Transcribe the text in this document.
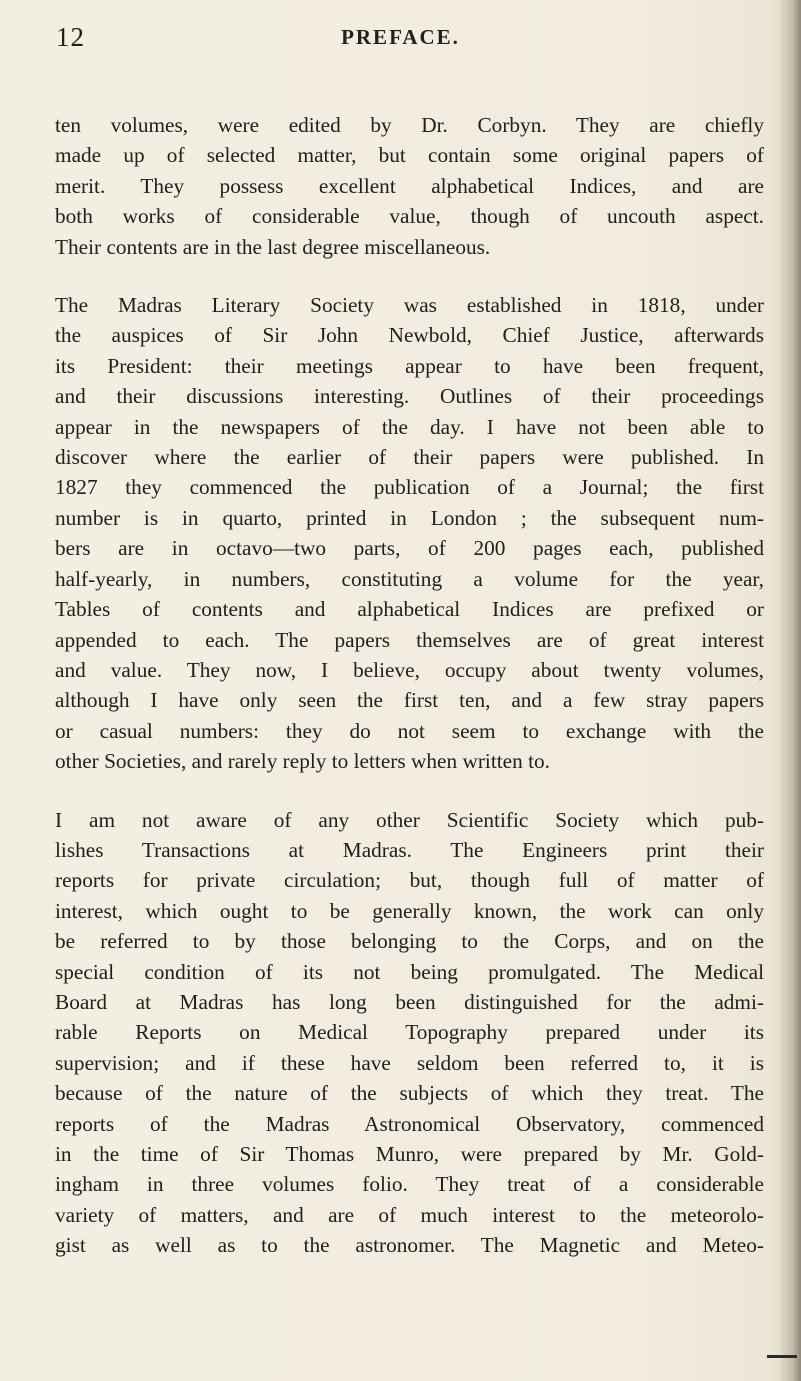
12	PREFACE.
ten volumes, were edited by Dr. Corbyn. They are chiefly
made up of selected matter, but contain some original papers of
merit. They possess excellent alphabetical Indices, and are
both works of considerable value, though of uncouth aspect.
Their contents are in the last degree miscellaneous.
The Madras Literary Society was established in 1818, under
the auspices of Sir John Newbold, Chief Justice, afterwards
its President: their meetings appear to have been frequent,
and their discussions interesting. Outlines of their proceedings
appear in the newspapers of the day. I have not been able to
discover where the earlier of their papers were published. In
1827 they commenced the publication of a Journal; the first
number is in quarto, printed in London ; the subsequent num-
bers are in octavo—two parts, of 200 pages each, published
half-yearly, in numbers, constituting a volume for the year,
Tables of contents and alphabetical Indices are prefixed or
appended to each. The papers themselves are of great interest
and value. They now, I believe, occupy about twenty volumes,
although I have only seen the first ten, and a few stray papers
or casual numbers: they do not seem to exchange with the
other Societies, and rarely reply to letters when written to.
I am not aware of any other Scientific Society which pub-
lishes Transactions at Madras. The Engineers print their
reports for private circulation; but, though full of matter of
interest, which ought to be generally known, the work can only
be referred to by those belonging to the Corps, and on the
special condition of its not being promulgated. The Medical
Board at Madras has long been distinguished for the admi-
rable Reports on Medical Topography prepared under its
supervision; and if these have seldom been referred to, it is
because of the nature of the subjects of which they treat. The
reports of the Madras Astronomical Observatory, commenced
in the time of Sir Thomas Munro, were prepared by Mr. Gold-
ingham in three volumes folio. They treat of a considerable
variety of matters, and are of much interest to the meteorolo-
gist as well as to the astronomer. The Magnetic and Meteo-
